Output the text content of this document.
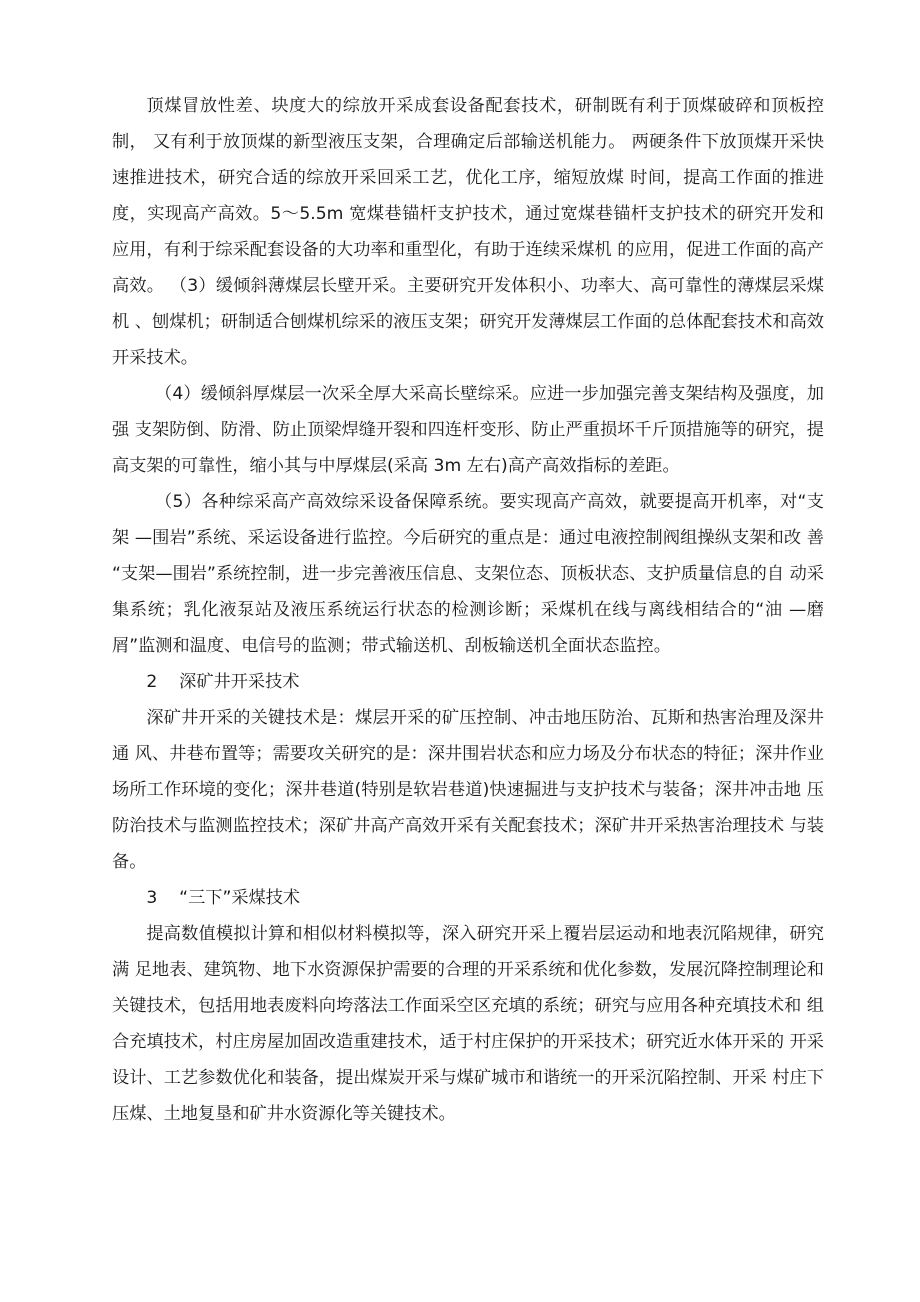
顶煤冒放性差、块度大的综放开采成套设备配套技术，研制既有利于顶煤破碎和顶板控制， 又有利于放顶煤的新型液压支架，合理确定后部输送机能力。 两硬条件下放顶煤开采快速推进技术，研究合适的综放开采回采工艺，优化工序，缩短放煤 时间，提高工作面的推进度，实现高产高效。5～5.5m 宽煤巷锚杆支护技术，通过宽煤巷锚杆支护技术的研究开发和应用，有利于综采配套设备的大功率和重型化，有助于连续采煤机 的应用，促进工作面的高产高效。 （3）缓倾斜薄煤层长壁开采。主要研究开发体积小、功率大、高可靠性的薄煤层采煤机 、刨煤机；研制适合刨煤机综采的液压支架；研究开发薄煤层工作面的总体配套技术和高效开采技术。

（4）缓倾斜厚煤层一次采全厚大采高长壁综采。应进一步加强完善支架结构及强度，加 强 支架防倒、防滑、防止顶梁焊缝开裂和四连杆变形、防止严重损坏千斤顶措施等的研究，提 高支架的可靠性，缩小其与中厚煤层(采高 3m 左右)高产高效指标的差距。

（5）各种综采高产高效综采设备保障系统。要实现高产高效，就要提高开机率，对“支架 —围岩”系统、采运设备进行监控。今后研究的重点是：通过电液控制阀组操纵支架和改 善 “支架—围岩”系统控制，进一步完善液压信息、支架位态、顶板状态、支护质量信息的自 动采集系统；乳化液泵站及液压系统运行状态的检测诊断；采煤机在线与离线相结合的“油 —磨屑”监测和温度、电信号的监测；带式输送机、刮板输送机全面状态监控。

2    深矿井开采技术

深矿井开采的关键技术是：煤层开采的矿压控制、冲击地压防治、瓦斯和热害治理及深井通 风、井巷布置等；需要攻关研究的是：深井围岩状态和应力场及分布状态的特征；深井作业 场所工作环境的变化；深井巷道(特别是软岩巷道)快速掘进与支护技术与装备；深井冲击地 压防治技术与监测监控技术；深矿井高产高效开采有关配套技术；深矿井开采热害治理技术 与装备。

3    “三下”采煤技术

提高数值模拟计算和相似材料模拟等，深入研究开采上覆岩层运动和地表沉陷规律，研究满 足地表、建筑物、地下水资源保护需要的合理的开采系统和优化参数，发展沉降控制理论和 关键技术，包括用地表废料向垮落法工作面采空区充填的系统；研究与应用各种充填技术和 组合充填技术，村庄房屋加固改造重建技术，适于村庄保护的开采技术；研究近水体开采的 开采设计、工艺参数优化和装备，提出煤炭开采与煤矿城市和谐统一的开采沉陷控制、开采 村庄下压煤、土地复垦和矿井水资源化等关键技术。
